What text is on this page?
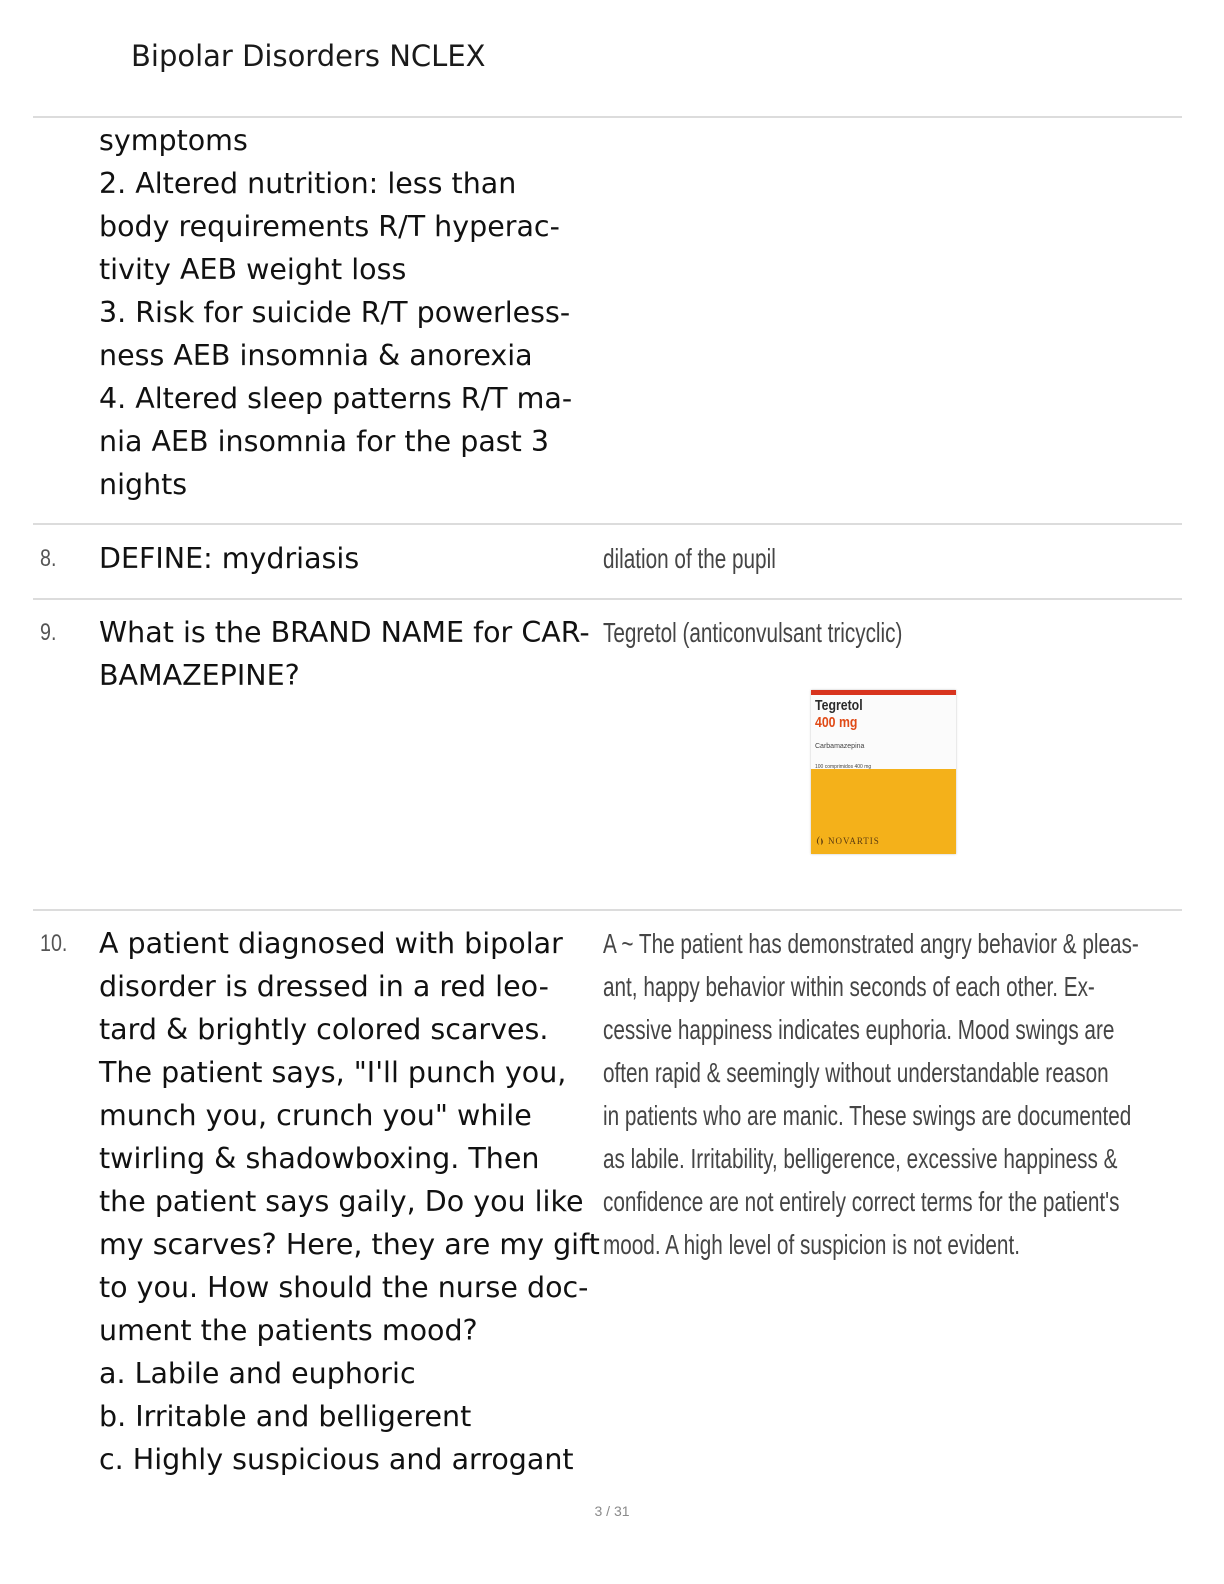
Bipolar Disorders NCLEX
symptoms
2. Altered nutrition: less than
body requirements R/T hyperac-
tivity AEB weight loss
3. Risk for suicide R/T powerless-
ness AEB insomnia & anorexia
4. Altered sleep patterns R/T ma-
nia AEB insomnia for the past 3
nights
8. DEFINE: mydriasis	dilation of the pupil
9. What is the BRAND NAME for CAR-
BAMAZEPINE?
Tegretol (anticonvulsant tricyclic)
Tegretol
400 mg
Carbamazepina
100 comprimidos 400 mg
NOVARTIS
10. A patient diagnosed with bipolar
disorder is dressed in a red leo-
tard & brightly colored scarves.
The patient says, "I'll punch you,
munch you, crunch you" while
twirling & shadowboxing. Then
the patient says gaily, Do you like
my scarves? Here, they are my gift
to you. How should the nurse doc-
ument the patients mood?
a. Labile and euphoric
b. Irritable and belligerent
c. Highly suspicious and arrogant
A ~ The patient has demonstrated angry behavior & pleas-
ant, happy behavior within seconds of each other. Ex-
cessive happiness indicates euphoria. Mood swings are
often rapid & seemingly without understandable reason
in patients who are manic. These swings are documented
as labile. Irritability, belligerence, excessive happiness &
confidence are not entirely correct terms for the patient's
mood. A high level of suspicion is not evident.
3 / 31
